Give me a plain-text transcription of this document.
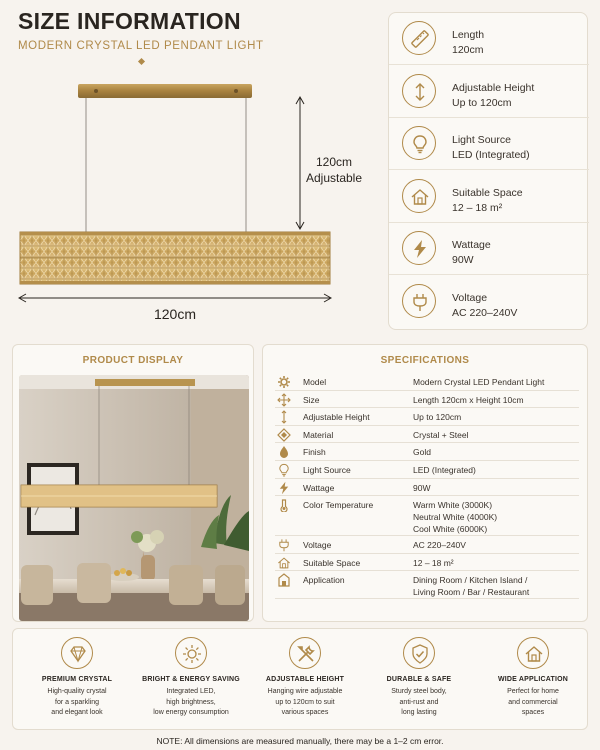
SIZE INFORMATION
MODERN CRYSTAL LED PENDANT LIGHT
120cm
Adjustable
120cm
Length
120cm
Adjustable Height
Up to 120cm
Light Source
LED (Integrated)
Suitable Space
12 – 18 m²
Wattage
90W
Voltage
AC 220–240V
PRODUCT DISPLAY	SPECIFICATIONS
Model	Modern Crystal LED Pendant Light
Size	Length 120cm x Height 10cm
Adjustable Height	Up to 120cm
Material	Crystal + Steel
Finish	Gold
Light Source	LED (Integrated)
Wattage	90W
Color Temperature	Warm White (3000K)
Neutral White (4000K)
Cool White (6000K)
Voltage	AC 220–240V
Suitable Space	12 – 18 m²
Application	Dining Room / Kitchen Island /
Living Room / Bar / Restaurant
PREMIUM CRYSTAL
High-quality crystal
for a sparkling
and elegant look
BRIGHT & ENERGY SAVING
Integrated LED,
high brightness,
low energy consumption
ADJUSTABLE HEIGHT
Hanging wire adjustable
up to 120cm to suit
various spaces
DURABLE & SAFE
Sturdy steel body,
anti-rust and
long lasting
WIDE APPLICATION
Perfect for home
and commercial
spaces
NOTE: All dimensions are measured manually, there may be a 1–2 cm error.
